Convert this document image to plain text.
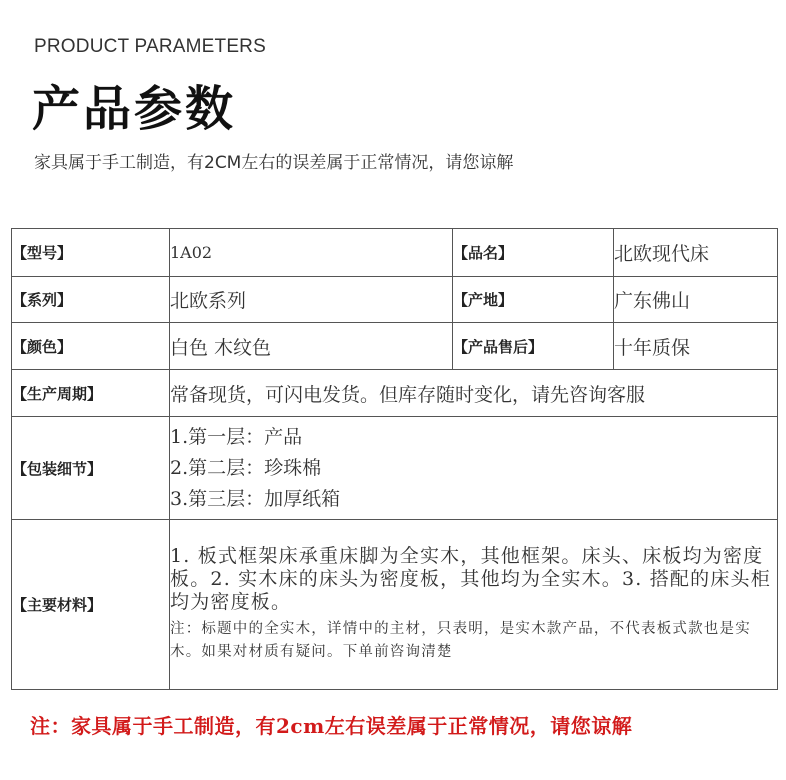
PRODUCT PARAMETERS
产品参数
家具属于手工制造，有2CM左右的误差属于正常情况，请您谅解
【型号】	1A02	【品名】	北欧现代床
【系列】	北欧系列	【产地】	广东佛山
【颜色】	白色 木纹色	【产品售后】	十年质保
【生产周期】	常备现货，可闪电发货。但库存随时变化，请先咨询客服		
【包装细节】	1.第一层：产品
2.第二层：珍珠棉
3.第三层：加厚纸箱		

【主要材料】	1. 板式框架床承重床脚为全实木，其他框架。床头、床板均为密度板。2. 实木床的床头为密度板，其他均为全实木。3. 搭配的床头柜均为密度板。

注：标题中的全实木，详情中的主材，只表明，是实木款产品，不代表板式款也是实木。如果对材质有疑问。下单前咨询清楚		

注：家具属于手工制造，有2cm左右误差属于正常情况，请您谅解
